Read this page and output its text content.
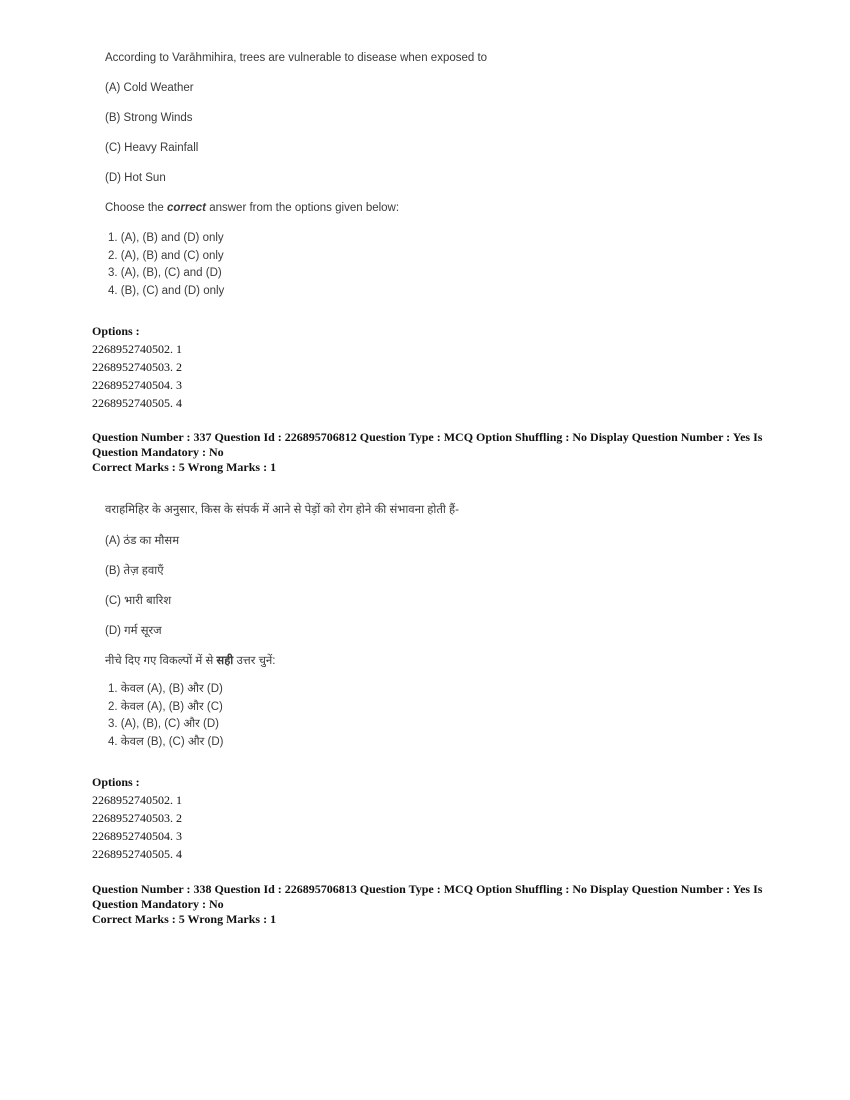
According to Varāhmihira, trees are vulnerable to disease when exposed to
(A) Cold Weather
(B) Strong Winds
(C) Heavy Rainfall
(D) Hot Sun
Choose the correct answer from the options given below:
1. (A), (B) and (D) only
2. (A), (B) and (C) only
3. (A), (B), (C) and (D)
4. (B), (C) and (D) only
Options :
2268952740502. 1
2268952740503. 2
2268952740504. 3
2268952740505. 4
Question Number : 337 Question Id : 226895706812 Question Type : MCQ Option Shuffling : No Display Question Number : Yes Is Question Mandatory : No
Correct Marks : 5 Wrong Marks : 1
वराहमिहिर के अनुसार, किस के संपर्क में आने से पेड़ों को रोग होने की संभावना होती हैं-
(A) ठंड का मौसम
(B) तेज़ हवाएँ
(C) भारी बारिश
(D) गर्म सूरज
नीचे दिए गए विकल्पों में से सही उत्तर चुनें:
1. केवल (A), (B) और (D)
2. केवल (A), (B) और (C)
3. (A), (B), (C) और (D)
4. केवल (B), (C) और (D)
Options :
2268952740502. 1
2268952740503. 2
2268952740504. 3
2268952740505. 4
Question Number : 338 Question Id : 226895706813 Question Type : MCQ Option Shuffling : No Display Question Number : Yes Is Question Mandatory : No
Correct Marks : 5 Wrong Marks : 1
